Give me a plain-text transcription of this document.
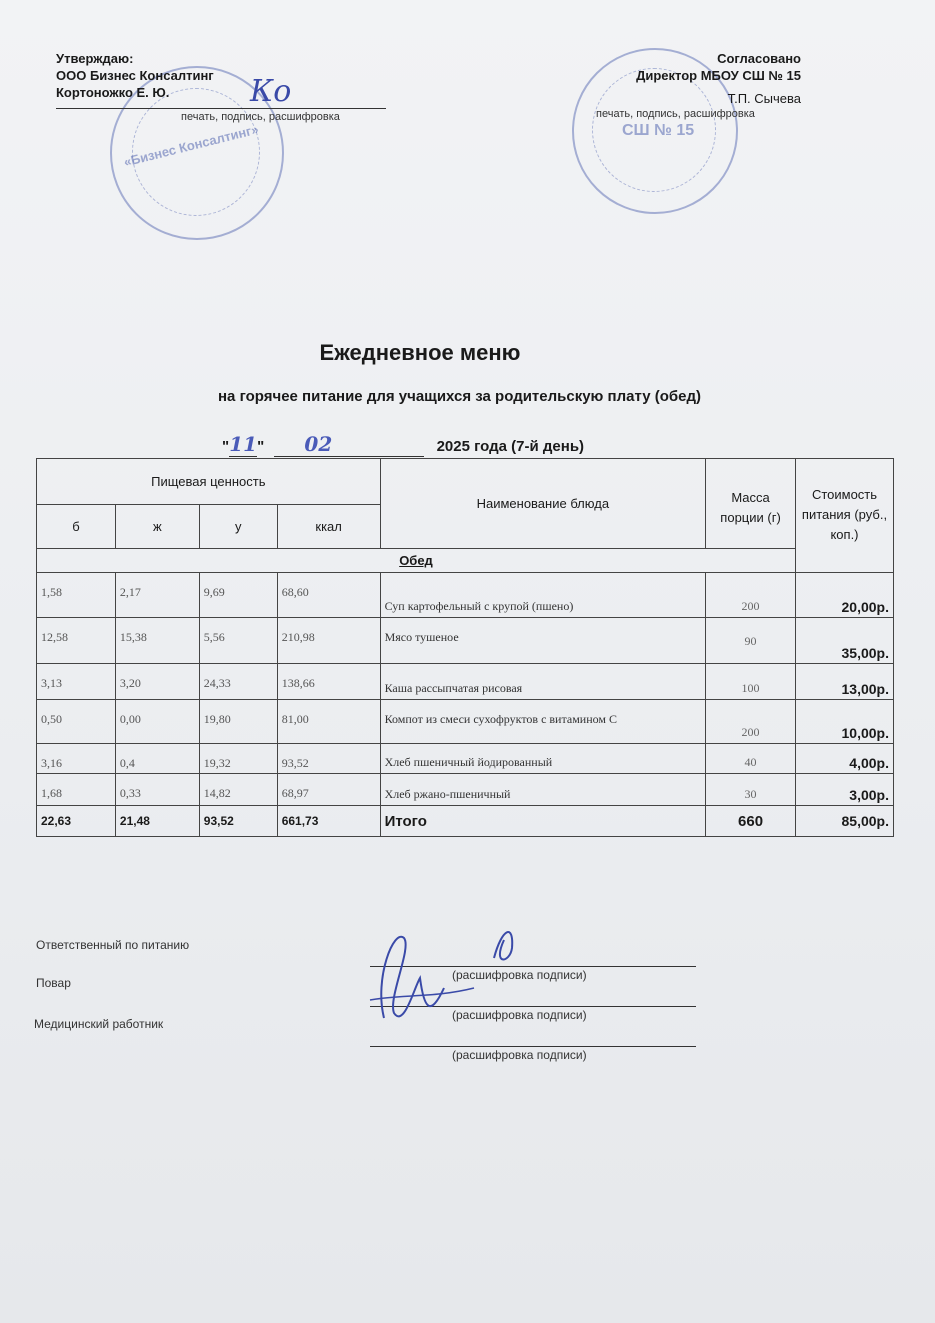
«Бизнес Консалтинг»
Утверждаю:
ООО Бизнес Консалтинг
Кортоножко Е. Ю.	Ко
печать, подпись, расшифровка
СШ № 15
Согласовано
Директор МБОУ СШ № 15
Т.П. Сычева
печать, подпись, расшифровка
Ежедневное меню
на горячее питание для учащихся за родительскую плату (обед)
"11" 02	2025 года (7-й день)
Пищевая ценность				Наименование блюда	Масса порции (г)	Стоимость питания (руб., коп.)
б	ж	у	ккал			
Обед						
1,58	2,17	9,69	68,60	Суп картофельный с крупой (пшено)	200	20,00р.
12,58	15,38	5,56	210,98	Мясо тушеное	90	35,00р.
3,13	3,20	24,33	138,66	Каша рассыпчатая рисовая	100	13,00р.
0,50	0,00	19,80	81,00	Компот из смеси сухофруктов с витамином С	200	10,00р.
3,16	0,4	19,32	93,52	Хлеб пшеничный йодированный	40	4,00р.
1,68	0,33	14,82	68,97	Хлеб ржано-пшеничный	30	3,00р.
22,63	21,48	93,52	661,73	Итого	660	85,00р.
Ответственный по питанию
(расшифровка подписи)
Повар
(расшифровка подписи)
Медицинский работник
(расшифровка подписи)
